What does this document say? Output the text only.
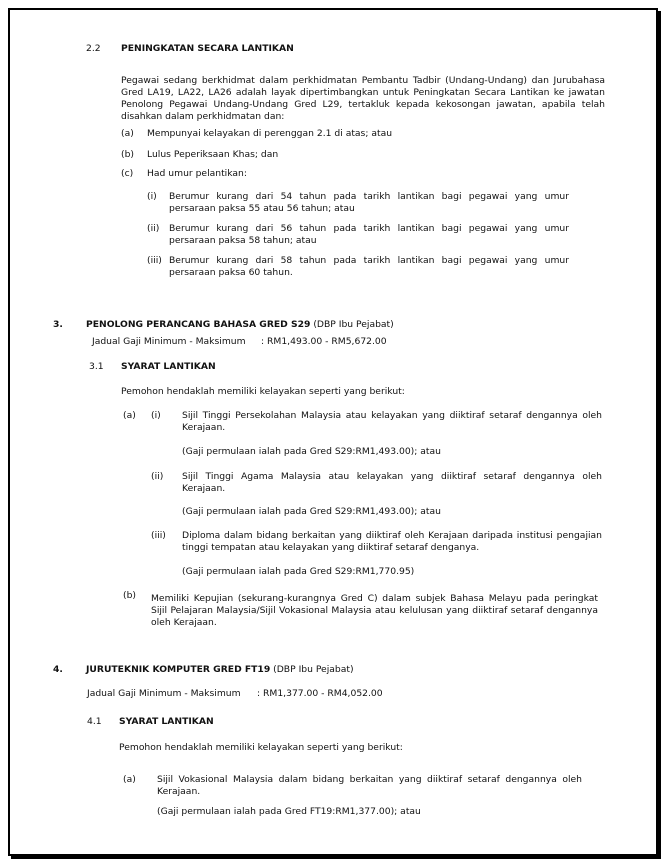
2.2 PENINGKATAN SECARA LANTIKAN
Pegawai sedang berkhidmat dalam perkhidmatan Pembantu Tadbir (Undang-Undang) dan Jurubahasa Gred LA19, LA22, LA26 adalah layak dipertimbangkan untuk Peningkatan Secara Lantikan ke jawatan Penolong Pegawai Undang-Undang Gred L29, tertakluk kepada kekosongan jawatan, apabila telah disahkan dalam perkhidmatan dan:
(a) Mempunyai kelayakan di perenggan 2.1 di atas; atau
(b) Lulus Peperiksaan Khas; dan
(c) Had umur pelantikan:
(i) Berumur kurang dari 54 tahun pada tarikh lantikan bagi pegawai yang umur persaraan paksa 55 atau 56 tahun; atau
(ii) Berumur kurang dari 56 tahun pada tarikh lantikan bagi pegawai yang umur persaraan paksa 58 tahun; atau
(iii) Berumur kurang dari 58 tahun pada tarikh lantikan bagi pegawai yang umur persaraan paksa 60 tahun.
3.	PENOLONG PERANCANG BAHASA GRED S29 (DBP Ibu Pejabat)
Jadual Gaji Minimum - Maksimum : RM1,493.00 - RM5,672.00
3.1 SYARAT LANTIKAN
Pemohon hendaklah memiliki kelayakan seperti yang berikut:
(a) (i) Sijil Tinggi Persekolahan Malaysia atau kelayakan yang diiktiraf setaraf dengannya oleh Kerajaan.
(Gaji permulaan ialah pada Gred S29:RM1,493.00); atau
(ii) Sijil Tinggi Agama Malaysia atau kelayakan yang diiktiraf setaraf dengannya oleh Kerajaan.
(Gaji permulaan ialah pada Gred S29:RM1,493.00); atau
(iii) Diploma dalam bidang berkaitan yang diiktiraf oleh Kerajaan daripada institusi pengajian tinggi tempatan atau kelayakan yang diiktiraf setaraf denganya.
(Gaji permulaan ialah pada Gred S29:RM1,770.95)
(b) Memiliki Kepujian (sekurang-kurangnya Gred C) dalam subjek Bahasa Melayu pada peringkat Sijil Pelajaran Malaysia/Sijil Vokasional Malaysia atau kelulusan yang diiktiraf setaraf dengannya oleh Kerajaan.
4.	JURUTEKNIK KOMPUTER GRED FT19 (DBP Ibu Pejabat)
Jadual Gaji Minimum - Maksimum : RM1,377.00 - RM4,052.00
4.1 SYARAT LANTIKAN
Pemohon hendaklah memiliki kelayakan seperti yang berikut:
(a) Sijil Vokasional Malaysia dalam bidang berkaitan yang diiktiraf setaraf dengannya oleh Kerajaan.
(Gaji permulaan ialah pada Gred FT19:RM1,377.00); atau
